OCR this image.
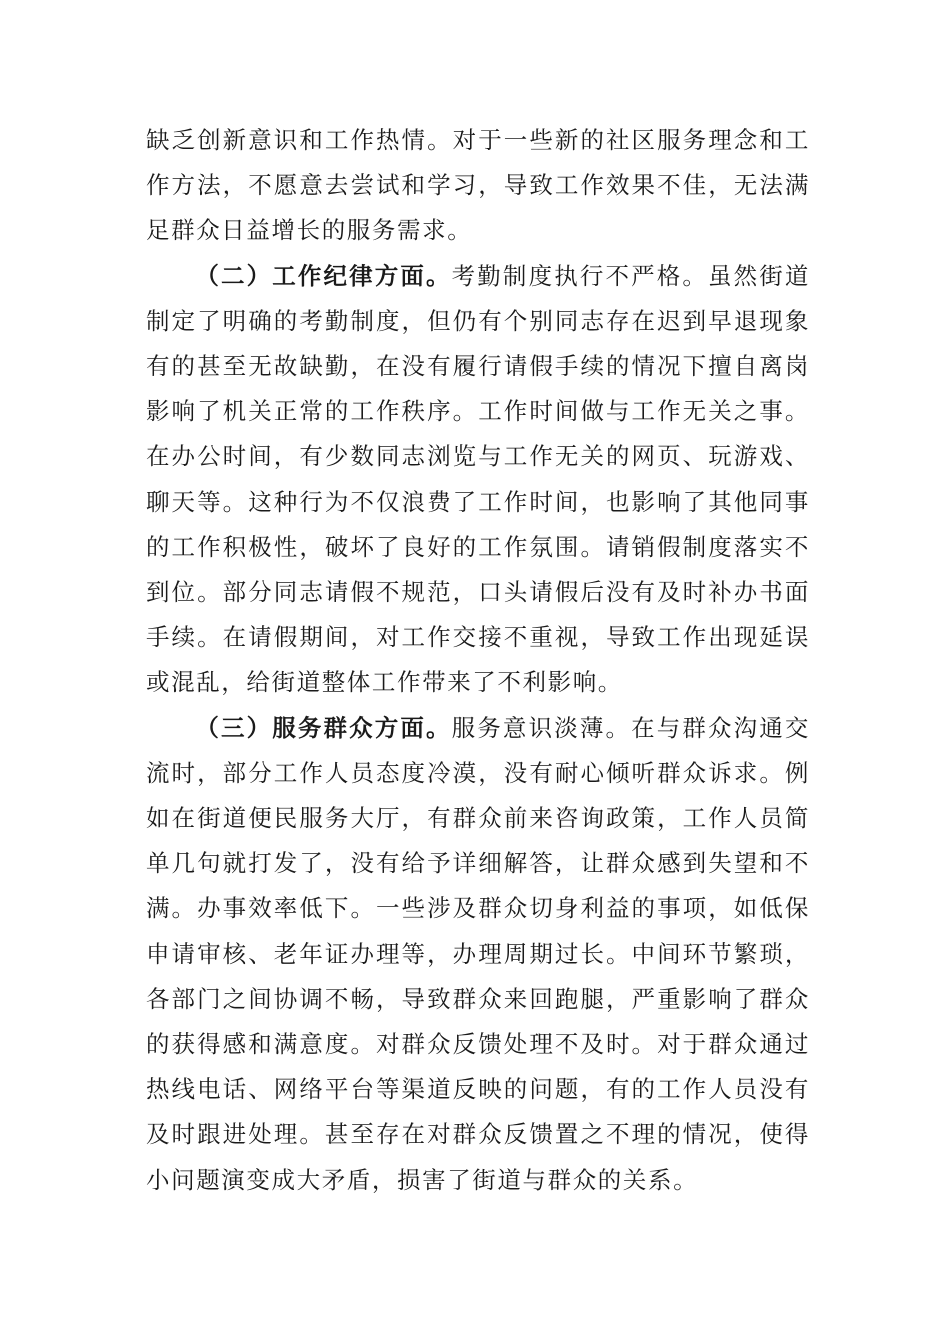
缺乏创新意识和工作热情。对于一些新的社区服务理念和工作方法，不愿意去尝试和学习，导致工作效果不佳，无法满足群众日益增长的服务需求。

（二）工作纪律方面。考勤制度执行不严格。虽然街道制定了明确的考勤制度，但仍有个别同志存在迟到早退现象有的甚至无故缺勤，在没有履行请假手续的情况下擅自离岗影响了机关正常的工作秩序。工作时间做与工作无关之事。在办公时间，有少数同志浏览与工作无关的网页、玩游戏、聊天等。这种行为不仅浪费了工作时间，也影响了其他同事的工作积极性，破坏了良好的工作氛围。请销假制度落实不到位。部分同志请假不规范，口头请假后没有及时补办书面手续。在请假期间，对工作交接不重视，导致工作出现延误或混乱，给街道整体工作带来了不利影响。

（三）服务群众方面。服务意识淡薄。在与群众沟通交流时，部分工作人员态度冷漠，没有耐心倾听群众诉求。例如在街道便民服务大厅，有群众前来咨询政策，工作人员简单几句就打发了，没有给予详细解答，让群众感到失望和不满。办事效率低下。一些涉及群众切身利益的事项，如低保申请审核、老年证办理等，办理周期过长。中间环节繁琐，各部门之间协调不畅，导致群众来回跑腿，严重影响了群众的获得感和满意度。对群众反馈处理不及时。对于群众通过热线电话、网络平台等渠道反映的问题，有的工作人员没有及时跟进处理。甚至存在对群众反馈置之不理的情况，使得小问题演变成大矛盾，损害了街道与群众的关系。
